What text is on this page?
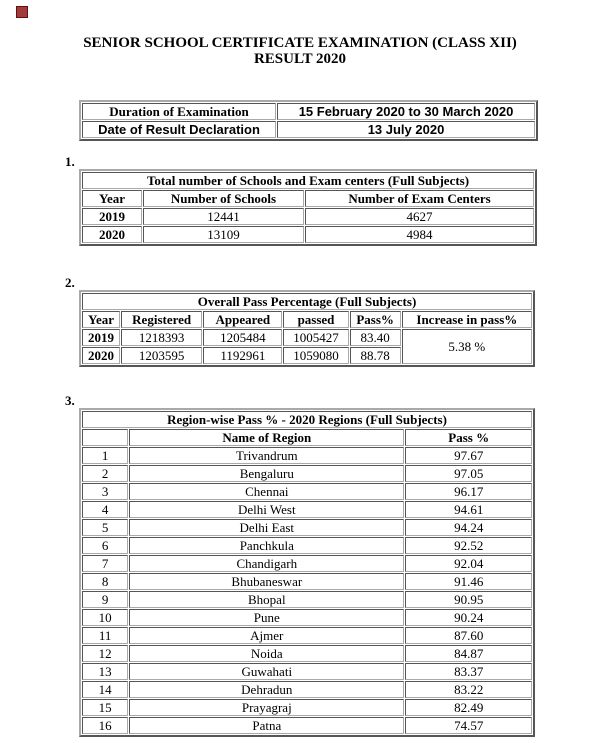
SENIOR SCHOOL CERTIFICATE EXAMINATION (CLASS XII)
RESULT 2020
Duration of Examination	15 February 2020 to 30 March 2020
Date of Result Declaration	13 July 2020
1.
Total number of Schools and Exam centers (Full Subjects)		
Year	Number of Schools	Number of Exam Centers
2019	12441	4627
2020	13109	4984
2.
Overall Pass Percentage (Full Subjects)					
Year	Registered	Appeared	passed	Pass%	Increase in pass%
2019	1218393	1205484	1005427	83.40	5.38 %
2020	1203595	1192961	1059080	88.78	
3.
Region-wise Pass % - 2020 Regions (Full Subjects)		
	Name of Region	Pass %
1	Trivandrum	97.67
2	Bengaluru	97.05
3	Chennai	96.17
4	Delhi West	94.61
5	Delhi East	94.24
6	Panchkula	92.52
7	Chandigarh	92.04
8	Bhubaneswar	91.46
9	Bhopal	90.95
10	Pune	90.24
11	Ajmer	87.60
12	Noida	84.87
13	Guwahati	83.37
14	Dehradun	83.22
15	Prayagraj	82.49
16	Patna	74.57
